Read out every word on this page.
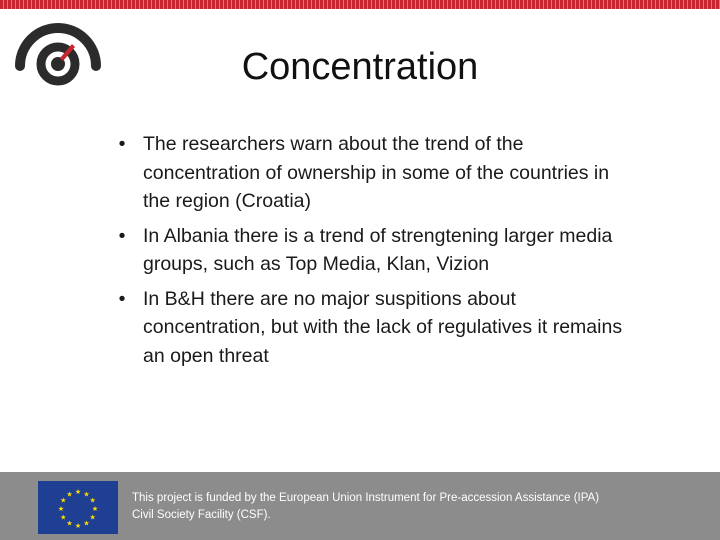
Concentration
• The researchers warn about the trend of the concentration of ownership in some of the countries in the region (Croatia)
• In Albania there is a trend of strengtening larger media groups, such as Top Media, Klan, Vizion
• In B&H there are no major suspitions about concentration, but with the lack of regulatives it remains an open threat
★ ★
★
★
★
★
★
★
★
★
★
★	This project is funded by the European Union Instrument for Pre-accession Assistance (IPA)
Civil Society Facility (CSF).
